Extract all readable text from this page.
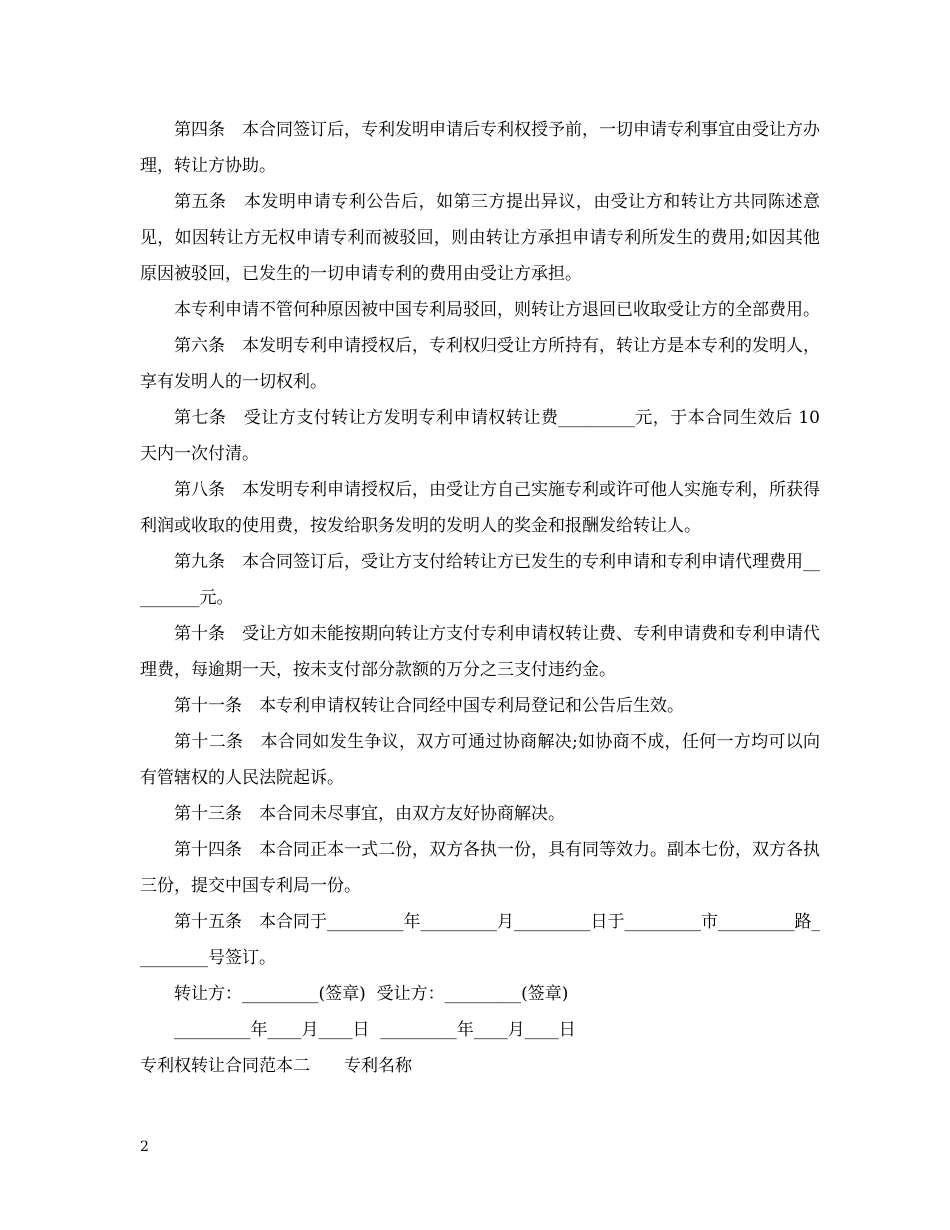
第四条　本合同签订后，专利发明申请后专利权授予前，一切申请专利事宜由受让方办理，转让方协助。

第五条　本发明申请专利公告后，如第三方提出异议，由受让方和转让方共同陈述意见，如因转让方无权申请专利而被驳回，则由转让方承担申请专利所发生的费用;如因其他原因被驳回，已发生的一切申请专利的费用由受让方承担。

本专利申请不管何种原因被中国专利局驳回，则转让方退回已收取受让方的全部费用。

第六条　本发明专利申请授权后，专利权归受让方所持有，转让方是本专利的发明人，享有发明人的一切权利。

第七条　受让方支付转让方发明专利申请权转让费_________元，于本合同生效后 10 天内一次付清。

第八条　本发明专利申请授权后，由受让方自己实施专利或许可他人实施专利，所获得利润或收取的使用费，按发给职务发明的发明人的奖金和报酬发给转让人。

第九条　本合同签订后，受让方支付给转让方已发生的专利申请和专利申请代理费用_________元。

第十条　受让方如未能按期向转让方支付专利申请权转让费、专利申请费和专利申请代理费，每逾期一天，按未支付部分款额的万分之三支付违约金。

第十一条　本专利申请权转让合同经中国专利局登记和公告后生效。

第十二条　本合同如发生争议，双方可通过协商解决;如协商不成，任何一方均可以向有管辖权的人民法院起诉。

第十三条　本合同未尽事宜，由双方友好协商解决。

第十四条　本合同正本一式二份，双方各执一份，具有同等效力。副本七份，双方各执三份，提交中国专利局一份。

第十五条　本合同于_________年_________月_________日于_________市_________路_________号签订。

转让方：_________(签章)  受让方：_________(签章)

_________年____月____日  _________年____月____日

专利权转让合同范本二　　专利名称

2
